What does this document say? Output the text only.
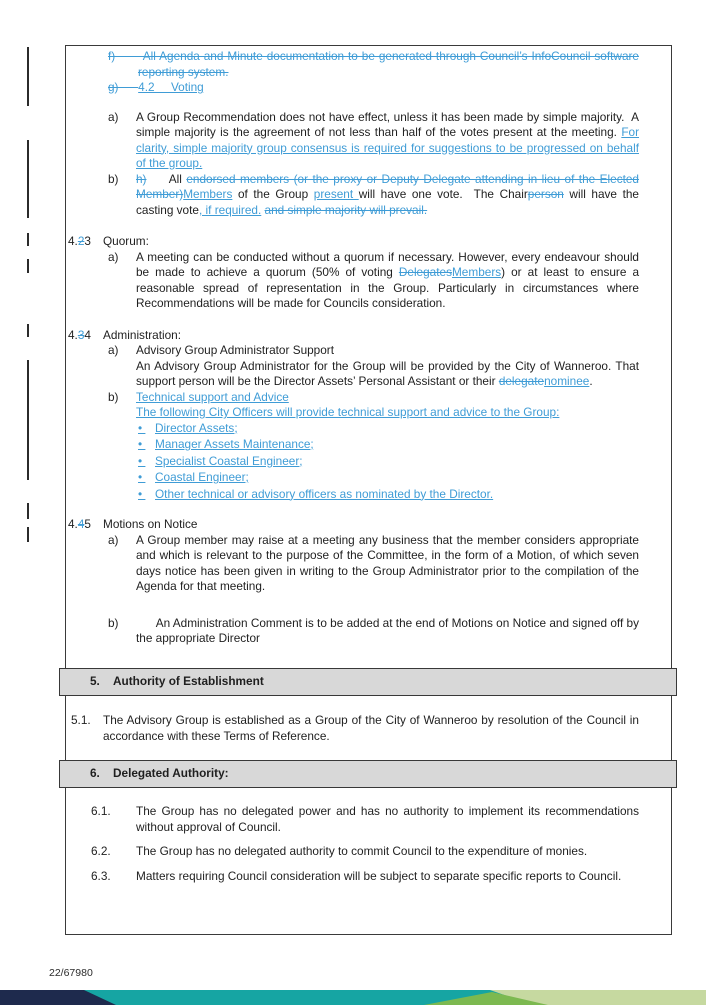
f)       All Agenda and Minute documentation to be generated through Council’s InfoCouncil software reporting system.
g)      4.2     Voting
a) A Group Recommendation does not have effect, unless it has been made by simple majority.  A simple majority is the agreement of not less than half of the votes present at the meeting. For clarity, simple majority group consensus is required for suggestions to be progressed on behalf of the group.
b) h)     All endorsed members (or the proxy or Deputy Delegate attending in lieu of the Elected Member)Members of the Group present will have one vote.  The Chairperson will have the casting vote, if required. and simple majority will prevail.
4.23 Quorum:
a) A meeting can be conducted without a quorum if necessary. However, every endeavour should be made to achieve a quorum (50% of voting DelegatesMembers) or at least to ensure a reasonable spread of representation in the Group. Particularly in circumstances where Recommendations will be made for Councils consideration.
4.34 Administration:
a) Advisory Group Administrator Support
An Advisory Group Administrator for the Group will be provided by the City of Wanneroo. That support person will be the Director Assets’ Personal Assistant or their delegatenominee.
b) Technical support and Advice
The following City Officers will provide technical support and advice to the Group:
• Director Assets;
• Manager Assets Maintenance;
• Specialist Coastal Engineer;
• Coastal Engineer;
• Other technical or advisory officers as nominated by the Director.
4.45 Motions on Notice
a) A Group member may raise at a meeting any business that the member considers appropriate and which is relevant to the purpose of the Committee, in the form of a Motion, of which seven days notice has been given in writing to the Group Administrator prior to the compilation of the Agenda for that meeting.
b)      An Administration Comment is to be added at the end of Motions on Notice and signed off by the appropriate Director
5.	Authority of Establishment
5.1. The Advisory Group is established as a Group of the City of Wanneroo by resolution of the Council in accordance with these Terms of Reference.
6.	Delegated Authority:
6.1. The Group has no delegated power and has no authority to implement its recommendations without approval of Council.
6.2. The Group has no delegated authority to commit Council to the expenditure of monies.
6.3. Matters requiring Council consideration will be subject to separate specific reports to Council.
22/67980
